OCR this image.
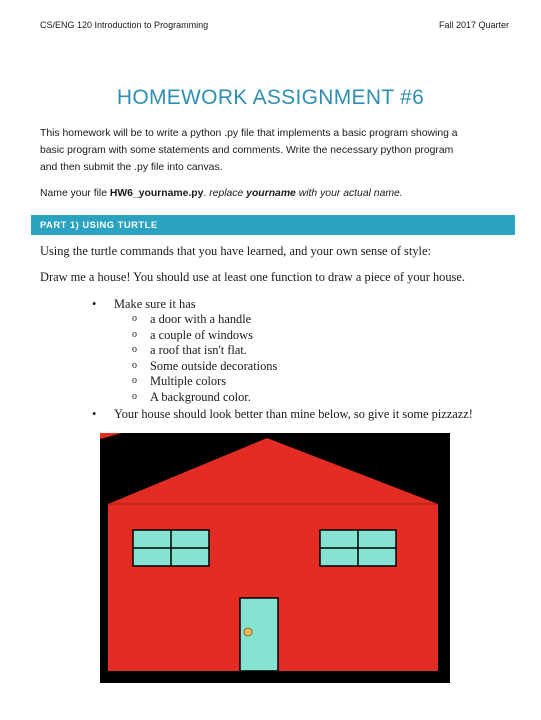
CS/ENG 120 Introduction to Programming	Fall 2017 Quarter
HOMEWORK ASSIGNMENT #6
This homework will be to write a python .py file that implements a basic program showing a
basic program with some statements and comments. Write the necessary python program
and then submit the .py file into canvas.
Name your file HW6_yourname.py. replace yourname with your actual name.
PART 1) USING TURTLE
Using the turtle commands that you have learned, and your own sense of style:
Draw me a house! You should use at least one function to draw a piece of your house.
• Make sure it has
o a door with a handle
o a couple of windows
o a roof that isn't flat.
o Some outside decorations
o Multiple colors
o A background color.
• Your house should look better than mine below, so give it some pizzazz!
